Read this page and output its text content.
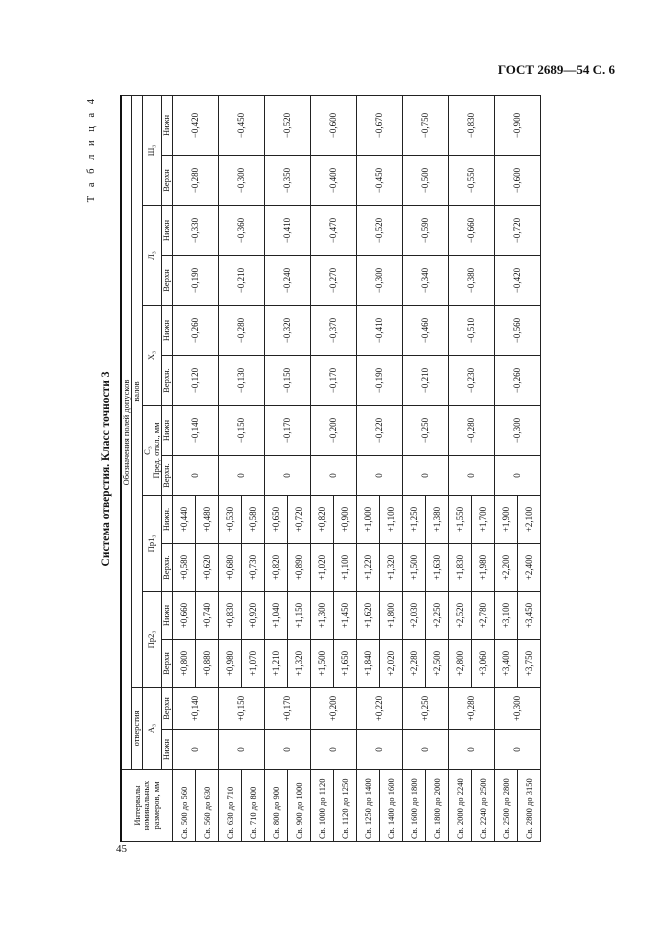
ГОСТ 2689—54 С. 6
45
Т а б л и ц а 4
Система отверстия. Класс точности 3
Интервалы номинальных размеров, мм	Обозначения полей допусков													
	отверстия		валов											
	А₃		Пр2₃		Пр1₃		С₃ Пред. откл., мм		Х₃		Л₃		Ш₃	
	Нижн	Верхн	Верхн	Нижн	Верхн.	Нижн.	Верхн.	Нижн	Верхн.	Нижн	Верхн	Нижн	Верхн	Нижн
Св. 500 до 560	0	+0,140	+0,800	+0,660	+0,580	+0,440	0	−0,140	−0,120	−0,260	−0,190	−0,330	−0,280	−0,420
Св. 560 до 630			+0,880	+0,740	+0,620	+0,480								
Св. 630 до 710	0	+0,150	+0,980	+0,830	+0,680	+0,530	0	−0,150	−0,130	−0,280	−0,210	−0,360	−0,300	−0,450
Св. 710 до 800			+1,070	+0,920	+0,730	+0,580								
Св. 800 до 900	0	+0,170	+1,210	+1,040	+0,820	+0,650	0	−0,170	−0,150	−0,320	−0,240	−0,410	−0,350	−0,520
Св. 900 до 1000			+1,320	+1,150	+0,890	+0,720								
Св. 1000 до 1120	0	+0,200	+1,500	+1,300	+1,020	+0,820	0	−0,200	−0,170	−0,370	−0,270	−0,470	−0,400	−0,600
Св. 1120 до 1250			+1,650	+1,450	+1,100	+0,900								
Св. 1250 до 1400	0	+0,220	+1,840	+1,620	+1,220	+1,000	0	−0,220	−0,190	−0,410	−0,300	−0,520	−0,450	−0,670
Св. 1400 до 1600			+2,020	+1,800	+1,320	+1,100								
Св. 1600 до 1800	0	+0,250	+2,280	+2,030	+1,500	+1,250	0	−0,250	−0,210	−0,460	−0,340	−0,590	−0,500	−0,750
Св. 1800 до 2000			+2,500	+2,250	+1,630	+1,380								
Св. 2000 до 2240	0	+0,280	+2,800	+2,520	+1,830	+1,550	0	−0,280	−0,230	−0,510	−0,380	−0,660	−0,550	−0,830
Св. 2240 до 2500			+3,060	+2,780	+1,980	+1,700								
Св. 2500 до 2800	0	+0,300	+3,400	+3,100	+2,200	+1,900	0	−0,300	−0,260	−0,560	−0,420	−0,720	−0,600	−0,900
Св. 2800 до 3150			+3,750	+3,450	+2,400	+2,100								
